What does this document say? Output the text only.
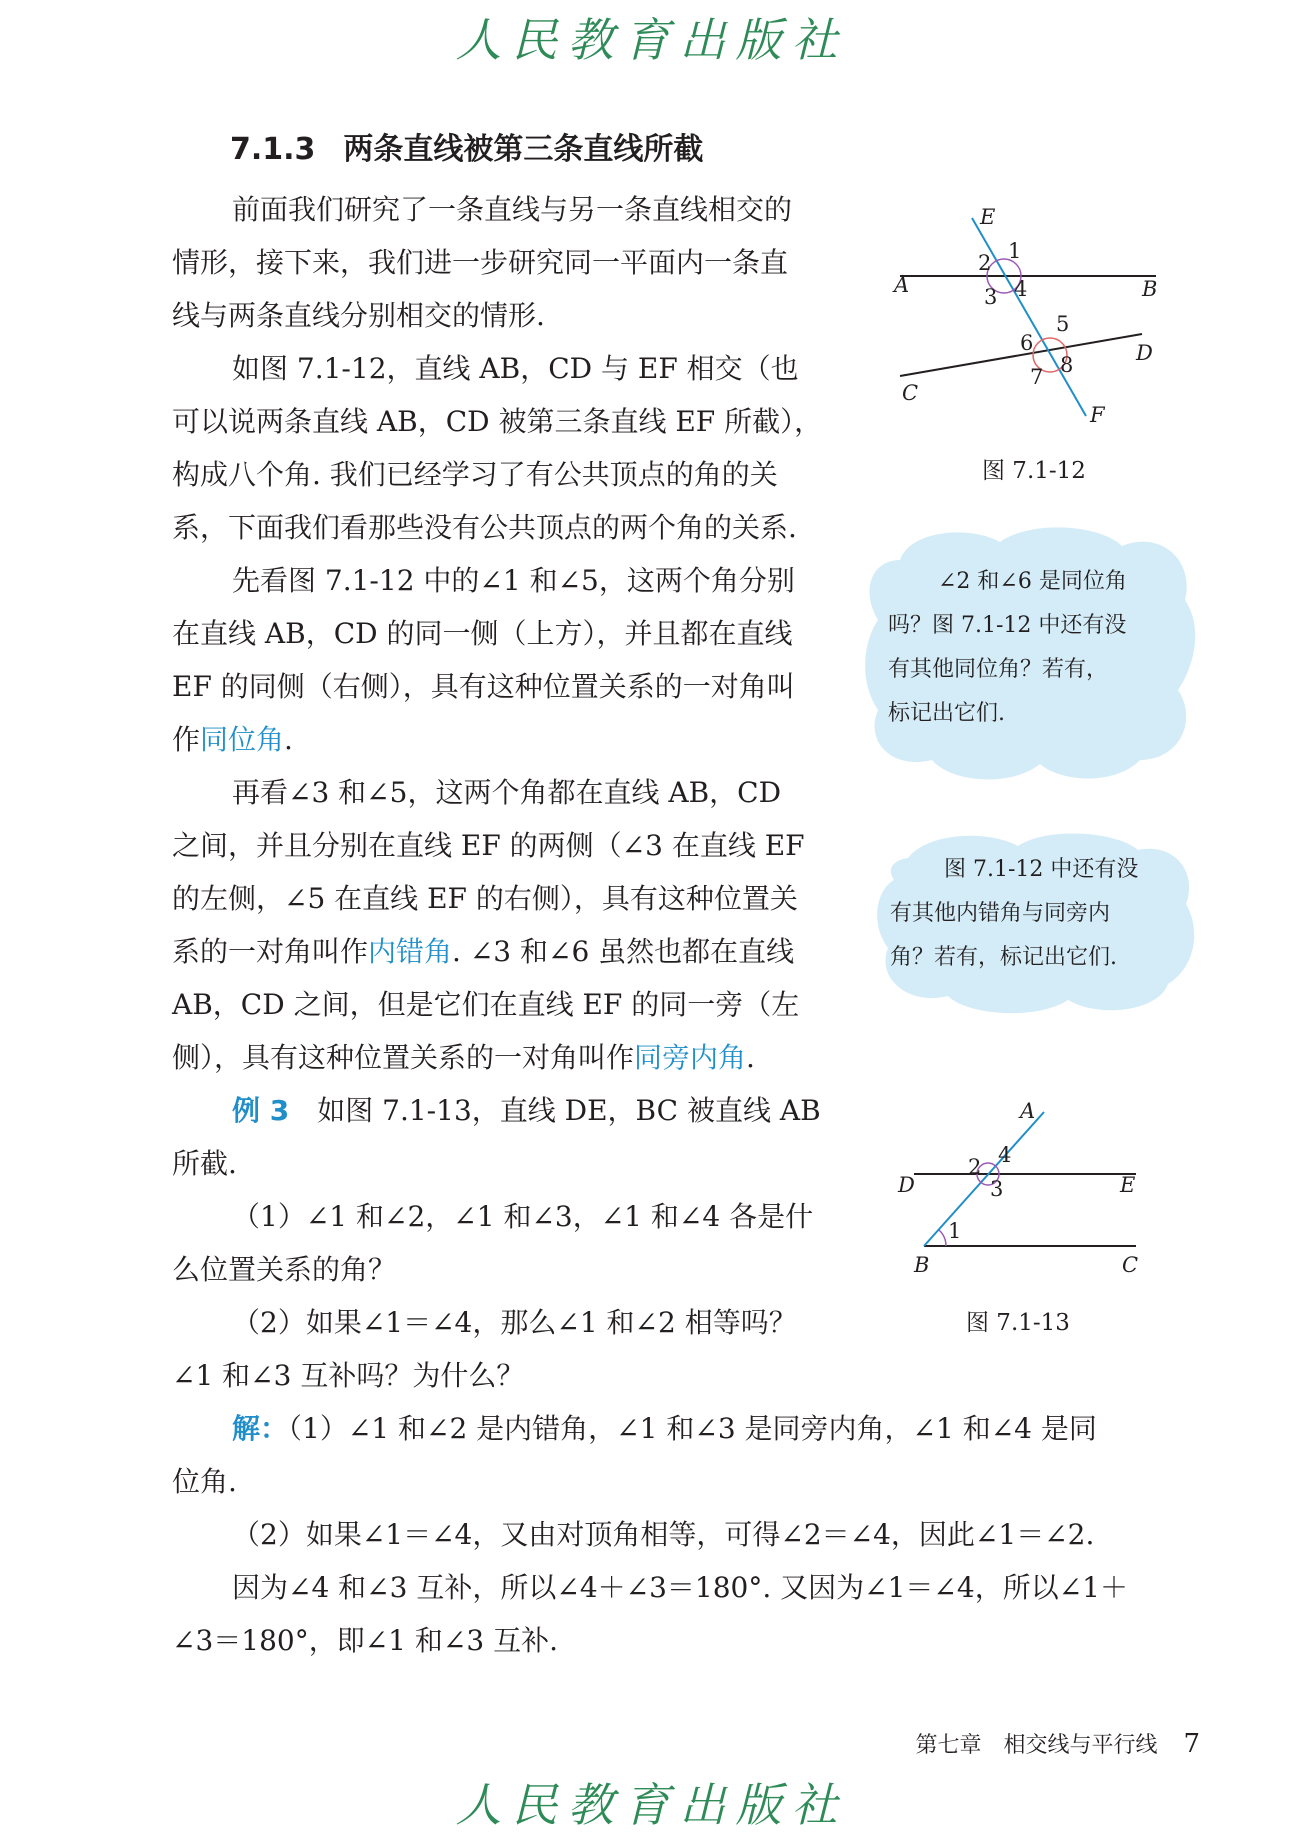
人民教育出版社
7.1.3 两条直线被第三条直线所截

前面我们研究了一条直线与另一条直线相交的
情形，接下来，我们进一步研究同一平面内一条直
线与两条直线分别相交的情形.

如图 7.1-12，直线 AB，CD 与 EF 相交（也
可以说两条直线 AB，CD 被第三条直线 EF 所截），
构成八个角. 我们已经学习了有公共顶点的角的关
系，下面我们看那些没有公共顶点的两个角的关系.

先看图 7.1-12 中的∠1 和∠5，这两个角分别
在直线 AB，CD 的同一侧（上方），并且都在直线
EF 的同侧（右侧），具有这种位置关系的一对角叫
作同位角.

再看∠3 和∠5，这两个角都在直线 AB，CD
之间，并且分别在直线 EF 的两侧（∠3 在直线 EF
的左侧，∠5 在直线 EF 的右侧），具有这种位置关
系的一对角叫作内错角. ∠3 和∠6 虽然也都在直线
AB，CD 之间，但是它们在直线 EF 的同一旁（左
侧），具有这种位置关系的一对角叫作同旁内角.

例 3　 如图 7.1-13，直线 DE，BC 被直线 AB
所截.
（1）∠1 和∠2，∠1 和∠3，∠1 和∠4 各是什
么位置关系的角？
（2）如果∠1＝∠4，那么∠1 和∠2 相等吗？
∠1 和∠3 互补吗？为什么？

解：（1）∠1 和∠2 是内错角，∠1 和∠3 是同旁内角，∠1 和∠4 是同
位角.
（2）如果∠1＝∠4，又由对顶角相等，可得∠2＝∠4，因此∠1＝∠2.
因为∠4 和∠3 互补，所以∠4＋∠3＝180°. 又因为∠1＝∠4，所以∠1＋
∠3＝180°，即∠1 和∠3 互补.

E
A	B
C
D
F
1
2
3 4
5
6
7 8
图 7.1-12
∠2 和∠6 是同位角
吗？图 7.1-12 中还有没
有其他同位角？若有，
标记出它们.
图 7.1-12 中还有没
有其他内错角与同旁内
角？若有，标记出它们.
A
D	E
B	C
1
2
3
4
图 7.1-13
第七章　相交线与平行线 7
人民教育出版社
